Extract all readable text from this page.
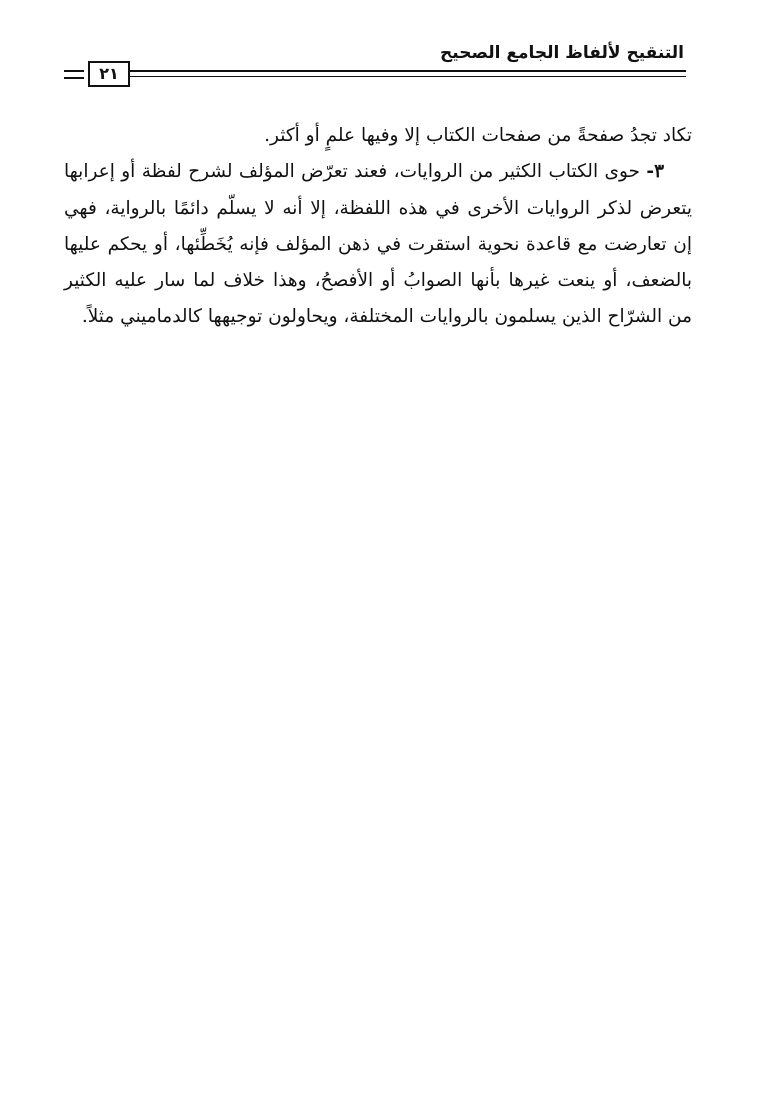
التنقيح لألفاظ الجامع الصحيح
٢١

تكاد تجدُ صفحةً من صفحات الكتاب إلا وفيها علمٍ أو أكثر.

٣- حوى الكتاب الكثير من الروايات، فعند تعرّض المؤلف لشرح لفظة أو إعرابها يتعرض لذكر الروايات الأخرى في هذه اللفظة، إلا أنه لا يسلّم دائمًا بالرواية، فهي إن تعارضت مع قاعدة نحوية استقرت في ذهن المؤلف فإنه يُخَطِّئها، أو يحكم عليها بالضعف، أو ينعت غيرها بأنها الصوابُ أو الأفصحُ، وهذا خلاف لما سار عليه الكثير من الشرّاح الذين يسلمون بالروايات المختلفة، ويحاولون توجيهها كالدماميني مثلاً.
